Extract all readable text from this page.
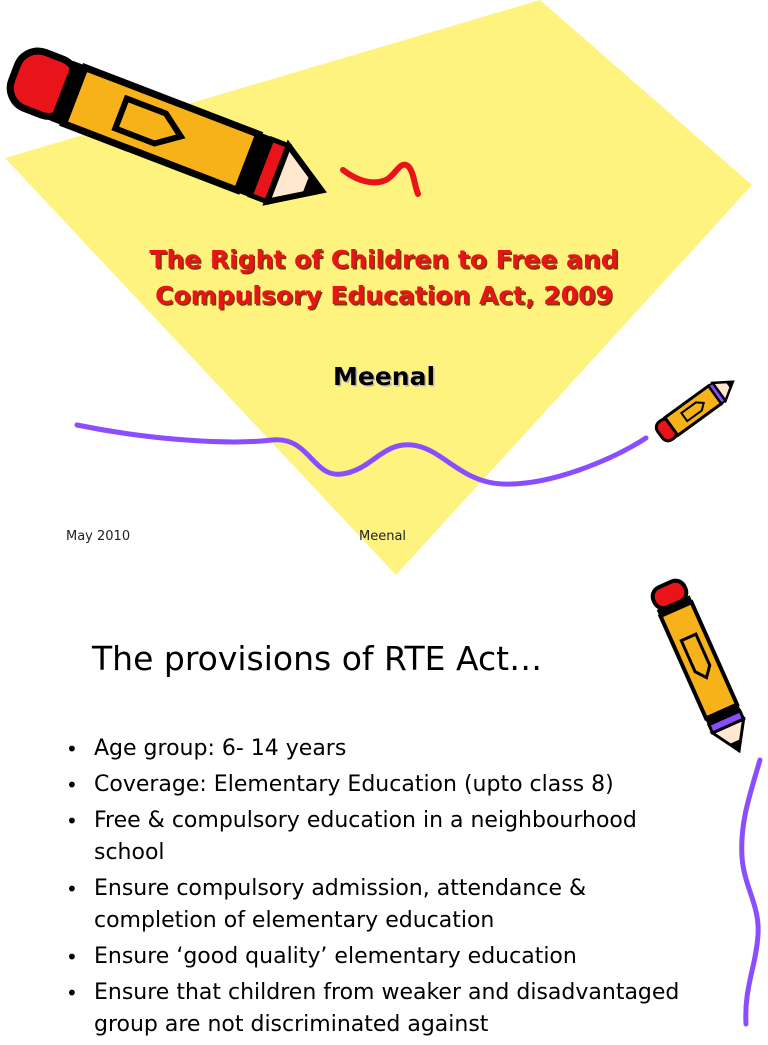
The Right of Children to Free and
Compulsory Education Act, 2009

Meenal

May 2010	Meenal
The provisions of RTE Act…
• Age group: 6- 14 years
• Coverage: Elementary Education (upto class 8)
• Free & compulsory education in a neighbourhood school
• Ensure compulsory admission, attendance & completion of elementary education
• Ensure ‘good quality’ elementary education
• Ensure that children from weaker and disadvantaged group are not discriminated against
